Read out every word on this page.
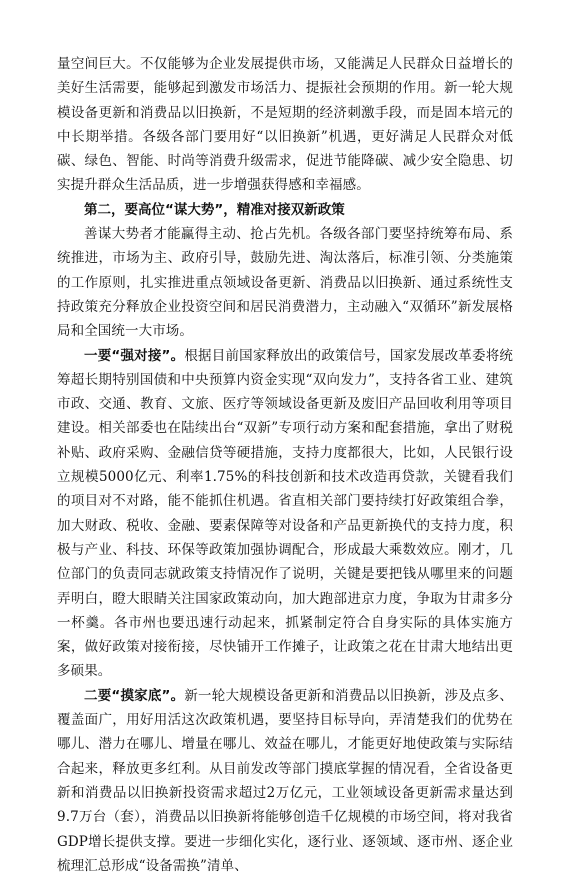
量空间巨大。不仅能够为企业发展提供市场，又能满足人民群众日益增长的美好生活需要，能够起到激发市场活力、提振社会预期的作用。新一轮大规模设备更新和消费品以旧换新，不是短期的经济刺激手段，而是固本培元的中长期举措。各级各部门要用好“以旧换新”机遇，更好满足人民群众对低碳、绿色、智能、时尚等消费升级需求，促进节能降碳、减少安全隐患、切实提升群众生活品质，进一步增强获得感和幸福感。

第二，要高位“谋大势”，精准对接双新政策

善谋大势者才能赢得主动、抢占先机。各级各部门要坚持统筹布局、系统推进，市场为主、政府引导，鼓励先进、淘汰落后，标准引领、分类施策的工作原则，扎实推进重点领域设备更新、消费品以旧换新、通过系统性支持政策充分释放企业投资空间和居民消费潜力，主动融入“双循环”新发展格局和全国统一大市场。

一要“强对接”。根据目前国家释放出的政策信号，国家发展改革委将统筹超长期特别国债和中央预算内资金实现“双向发力”，支持各省工业、建筑市政、交通、教育、文旅、医疗等领域设备更新及废旧产品回收利用等项目建设。相关部委也在陆续出台“双新”专项行动方案和配套措施，拿出了财税补贴、政府采购、金融信贷等硬措施，支持力度都很大，比如，人民银行设立规模5000亿元、利率1.75%的科技创新和技术改造再贷款，关键看我们的项目对不对路，能不能抓住机遇。省直相关部门要持续打好政策组合拳，加大财政、税收、金融、要素保障等对设备和产品更新换代的支持力度，积极与产业、科技、环保等政策加强协调配合，形成最大乘数效应。刚才，几位部门的负责同志就政策支持情况作了说明，关键是要把钱从哪里来的问题弄明白，瞪大眼睛关注国家政策动向，加大跑部进京力度，争取为甘肃多分一杯羹。各市州也要迅速行动起来，抓紧制定符合自身实际的具体实施方案，做好政策对接衔接，尽快铺开工作摊子，让政策之花在甘肃大地结出更多硕果。

二要“摸家底”。新一轮大规模设备更新和消费品以旧换新，涉及点多、覆盖面广，用好用活这次政策机遇，要坚持目标导向，弄清楚我们的优势在哪儿、潜力在哪儿、增量在哪儿、效益在哪儿，才能更好地使政策与实际结合起来，释放更多红利。从目前发改等部门摸底掌握的情况看，全省设备更新和消费品以旧换新投资需求超过2万亿元，工业领域设备更新需求量达到9.7万台（套），消费品以旧换新将能够创造千亿规模的市场空间，将对我省GDP增长提供支撑。要进一步细化实化，逐行业、逐领域、逐市州、逐企业梳理汇总形成“设备需换”清单、
